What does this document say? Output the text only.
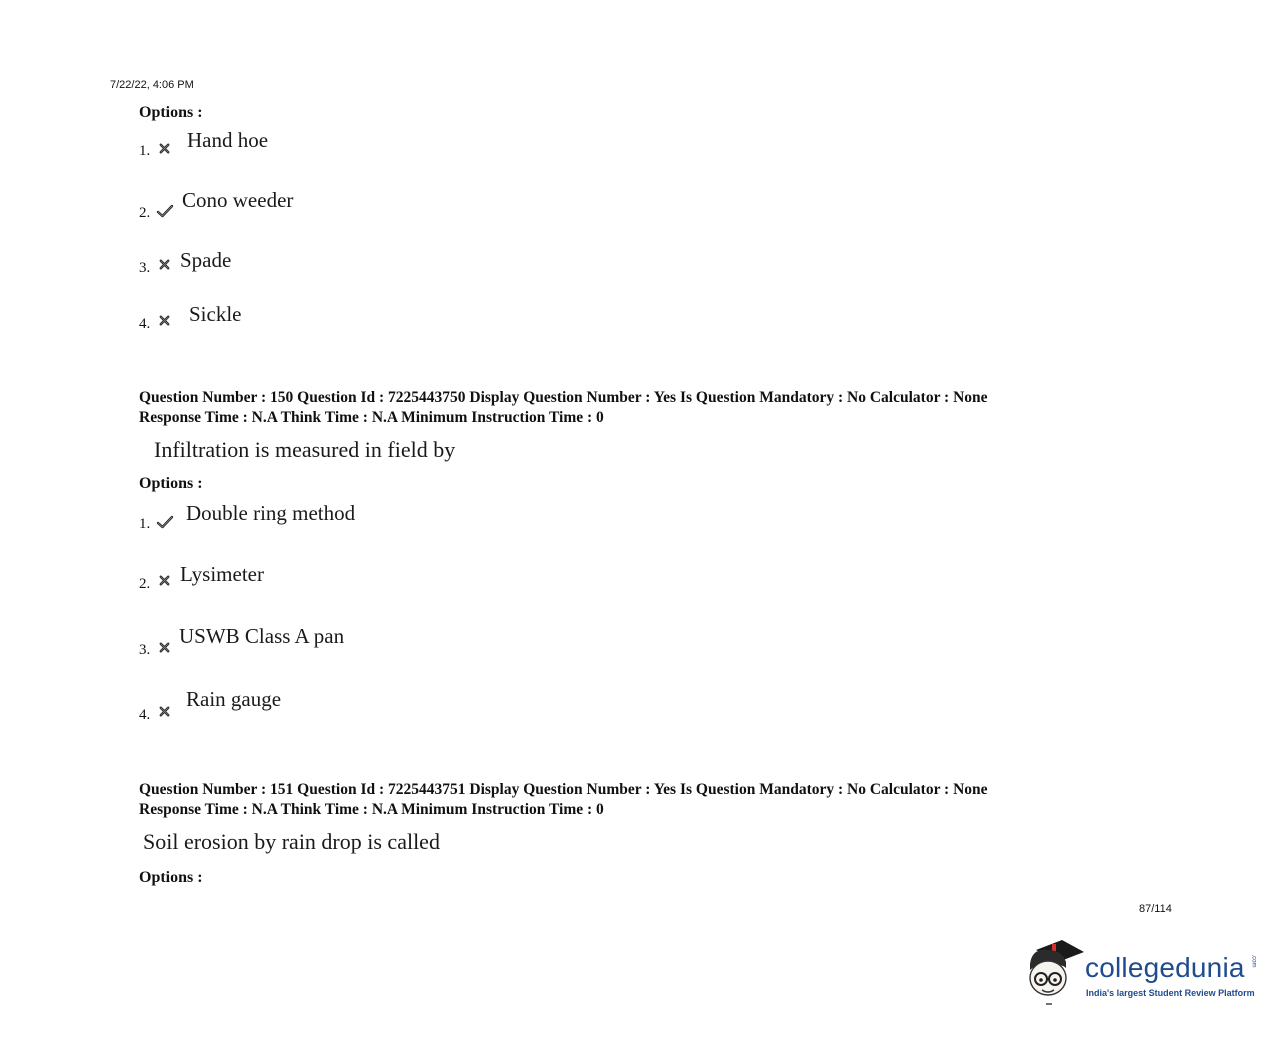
7/22/22, 4:06 PM
Options :
1. Hand hoe
2.
Cono weeder
3. Spade
4. Sickle
Question Number : 150 Question Id : 7225443750 Display Question Number : Yes Is Question Mandatory : No Calculator : None
Response Time : N.A Think Time : N.A Minimum Instruction Time : 0
Infiltration is measured in field by
Options :
1. Double ring method
2. Lysimeter
3.
USWB Class A pan
4.
Rain gauge
Question Number : 151 Question Id : 7225443751 Display Question Number : Yes Is Question Mandatory : No Calculator : None
Response Time : N.A Think Time : N.A Minimum Instruction Time : 0
Soil erosion by rain drop is called
Options :
87/114
collegedunia .com
India's largest Student Review Platform
